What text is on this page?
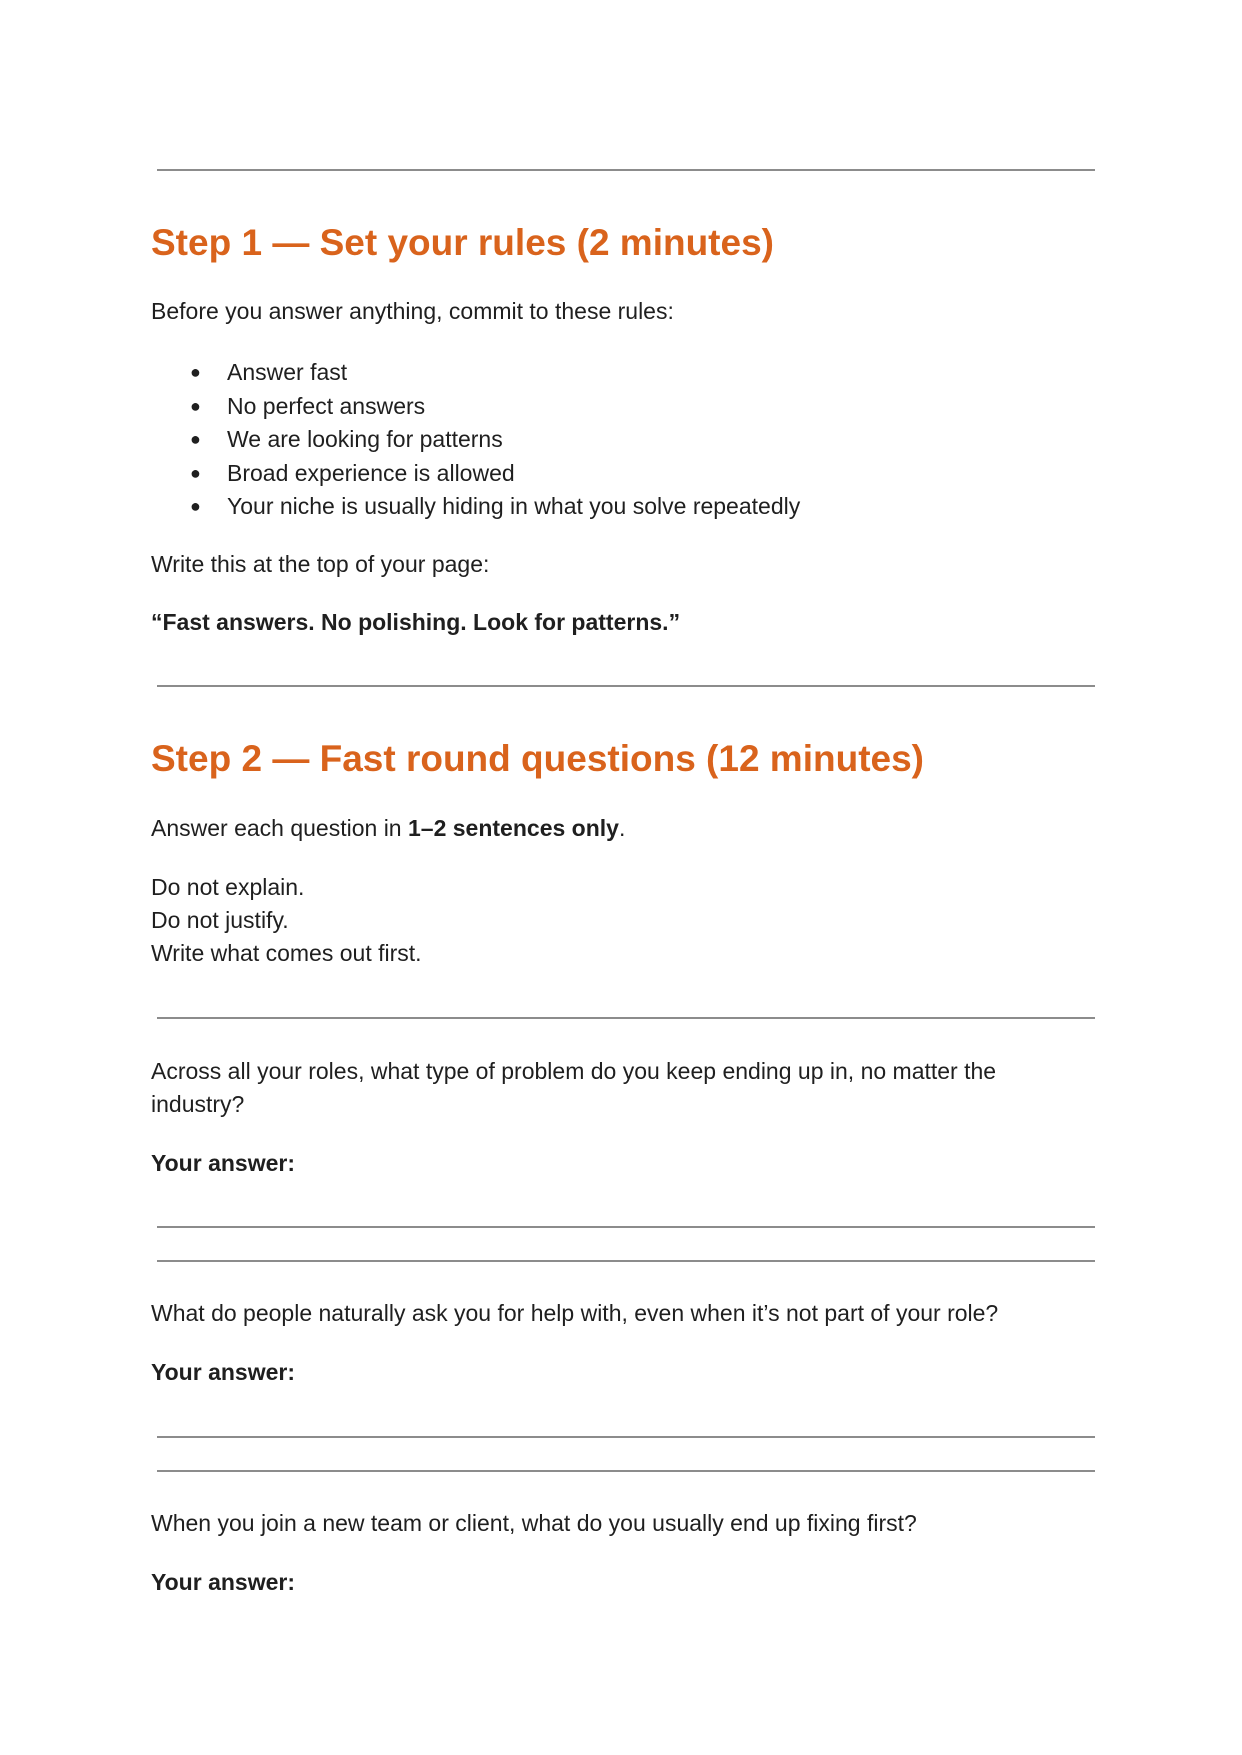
Step 1 — Set your rules (2 minutes)

Before you answer anything, commit to these rules:

● Answer fast
● No perfect answers
● We are looking for patterns
● Broad experience is allowed
● Your niche is usually hiding in what you solve repeatedly

Write this at the top of your page:

“Fast answers. No polishing. Look for patterns.”

Step 2 — Fast round questions (12 minutes)

Answer each question in 1–2 sentences only.

Do not explain.

Do not justify.

Write what comes out first.

Across all your roles, what type of problem do you keep ending up in, no matter the industry?

Your answer:

What do people naturally ask you for help with, even when it’s not part of your role?

Your answer:

When you join a new team or client, what do you usually end up fixing first?

Your answer:
